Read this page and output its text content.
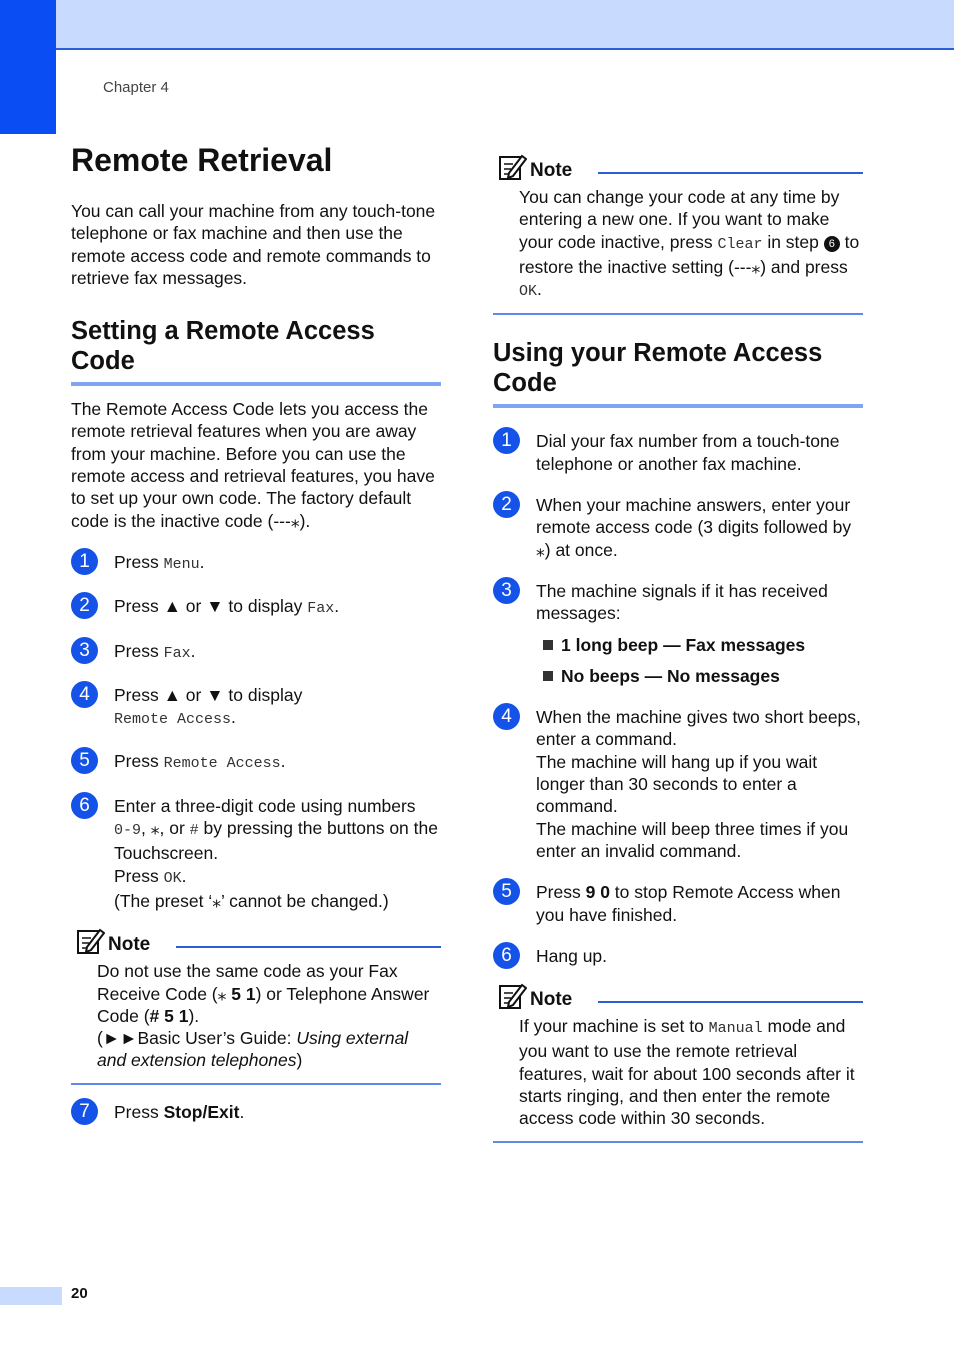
Chapter 4
20
Remote Retrieval

You can call your machine from any touch-tone telephone or fax machine and then use the remote access code and remote commands to retrieve fax messages.

Setting a Remote Access Code

The Remote Access Code lets you access the remote retrieval features when you are away from your machine. Before you can use the remote access and retrieval features, you have to set up your own code. The factory default code is the inactive code (---⁎).

1	Press Menu.
2	Press ▲ or ▼ to display Fax.
3	Press Fax.
4	Press ▲ or ▼ to display
Remote Access.
5	Press Remote Access.
6	Enter a three-digit code using numbers
0-9, ⁎, or # by pressing the buttons on the Touchscreen.
Press OK.
(The preset ‘⁎’ cannot be changed.)
Note
Do not use the same code as your Fax Receive Code (⁎ 5 1) or Telephone Answer Code (# 5 1).
(►►Basic User’s Guide: Using external and extension telephones)
7	Press Stop/Exit.
Note
You can change your code at any time by entering a new one. If you want to make your code inactive, press Clear in step 6 to restore the inactive setting (---⁎) and press OK.
Using your Remote Access Code
1	Dial your fax number from a touch-tone telephone or another fax machine.
2	When your machine answers, enter your remote access code (3 digits followed by ⁎) at once.
3	The machine signals if it has received messages:
1 long beep — Fax messages
No beeps — No messages
4	When the machine gives two short beeps, enter a command.
The machine will hang up if you wait longer than 30 seconds to enter a command.
The machine will beep three times if you enter an invalid command.
5	Press 9 0 to stop Remote Access when you have finished.
6	Hang up.
Note
If your machine is set to Manual mode and you want to use the remote retrieval features, wait for about 100 seconds after it starts ringing, and then enter the remote access code within 30 seconds.
